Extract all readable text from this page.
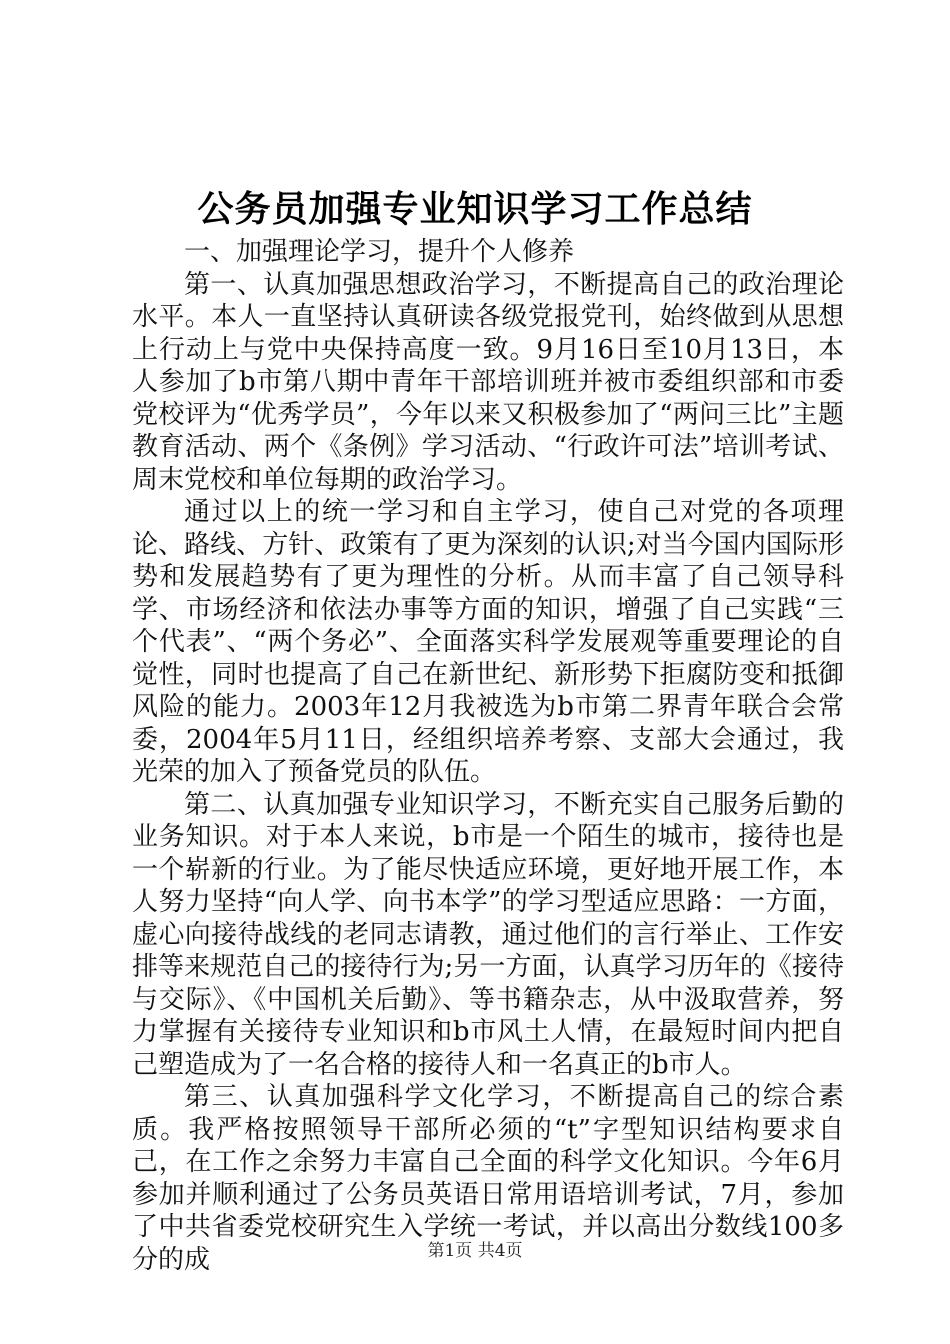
公务员加强专业知识学习工作总结

一、加强理论学习，提升个人修养

第一、认真加强思想政治学习，不断提高自己的政治理论水平。本人一直坚持认真研读各级党报党刊，始终做到从思想上行动上与党中央保持高度一致。9月16日至10月13日，本人参加了b市第八期中青年干部培训班并被市委组织部和市委党校评为“优秀学员”，今年以来又积极参加了“两问三比”主题教育活动、两个《条例》学习活动、“行政许可法”培训考试、周末党校和单位每期的政治学习。

通过以上的统一学习和自主学习，使自己对党的各项理论、路线、方针、政策有了更为深刻的认识;对当今国内国际形势和发展趋势有了更为理性的分析。从而丰富了自己领导科学、市场经济和依法办事等方面的知识，增强了自己实践“三个代表”、“两个务必”、全面落实科学发展观等重要理论的自觉性，同时也提高了自己在新世纪、新形势下拒腐防变和抵御风险的能力。2003年12月我被选为b市第二界青年联合会常委，2004年5月11日，经组织培养考察、支部大会通过，我光荣的加入了预备党员的队伍。

第二、认真加强专业知识学习，不断充实自己服务后勤的业务知识。对于本人来说，b市是一个陌生的城市，接待也是一个崭新的行业。为了能尽快适应环境，更好地开展工作，本人努力坚持“向人学、向书本学”的学习型适应思路：一方面，虚心向接待战线的老同志请教，通过他们的言行举止、工作安排等来规范自己的接待行为;另一方面，认真学习历年的《接待与交际》、《中国机关后勤》、等书籍杂志，从中汲取营养，努力掌握有关接待专业知识和b市风土人情，在最短时间内把自己塑造成为了一名合格的接待人和一名真正的b市人。

第三、认真加强科学文化学习，不断提高自己的综合素质。我严格按照领导干部所必须的“t”字型知识结构要求自己，在工作之余努力丰富自己全面的科学文化知识。今年6月参加并顺利通过了公务员英语日常用语培训考试，7月，参加了中共省委党校研究生入学统一考试，并以高出分数线100多分的成	第1页 共4页
